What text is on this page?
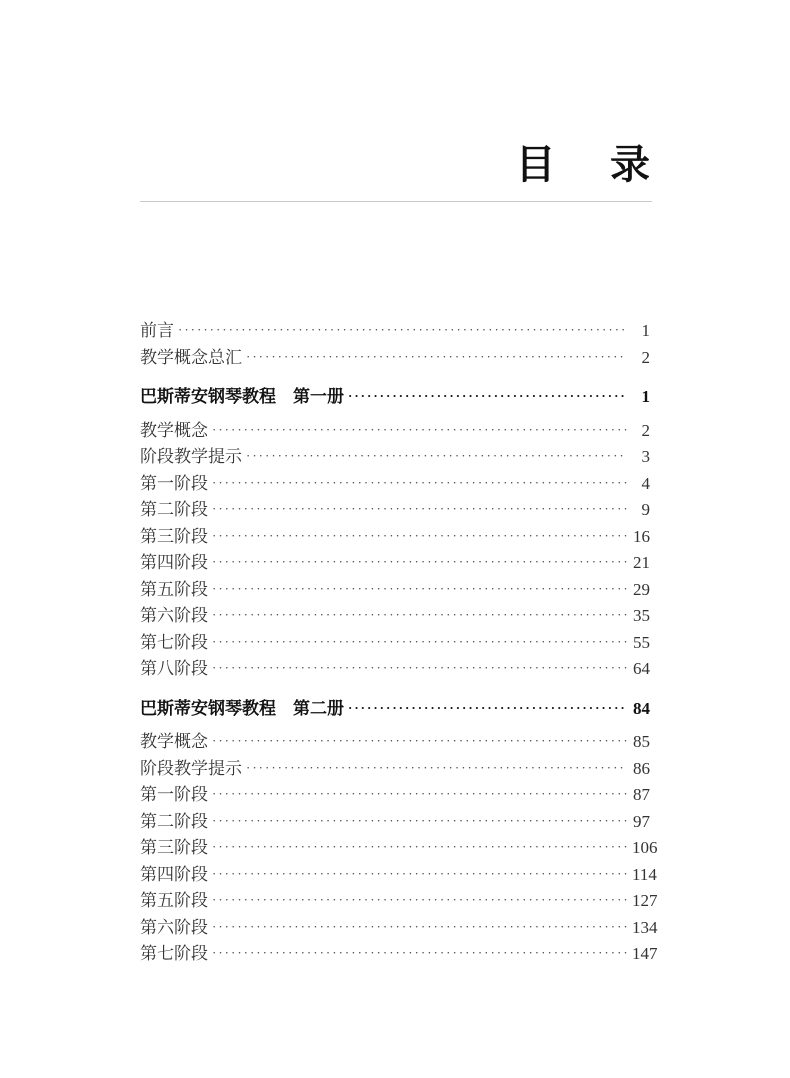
目    录
前言 ·····	1
教学概念总汇 ·····	2
巴斯蒂安钢琴教程　第一册 ·····	1
教学概念 ·····	2
阶段教学提示 ·····	3
第一阶段 ·····	4
第二阶段 ·····	9
第三阶段 ·····	16
第四阶段 ·····	21
第五阶段 ·····	29
第六阶段 ·····	35
第七阶段 ·····	55
第八阶段 ·····	64
巴斯蒂安钢琴教程　第二册 ·····	84
教学概念 ·····	85
阶段教学提示 ·····	86
第一阶段 ·····	87
第二阶段 ·····	97
第三阶段 ·····	106
第四阶段 ·····	114
第五阶段 ·····	127
第六阶段 ·····	134
第七阶段 ·····	147
